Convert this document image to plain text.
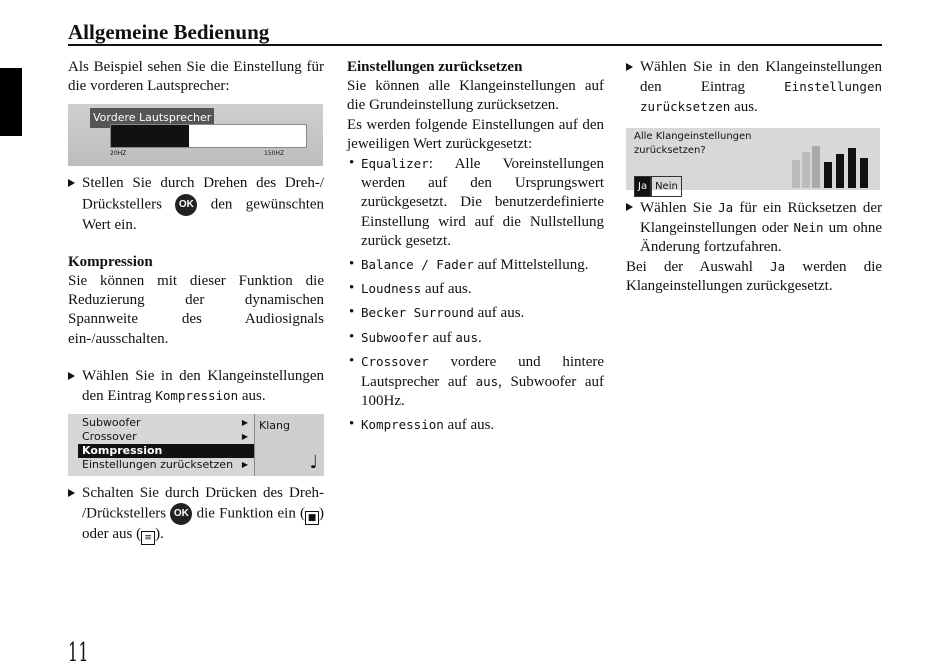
Allgemeine Bedienung

Als Beispiel sehen Sie die Einstellung für die vorderen Lautsprecher:

Vordere Lautsprecher
70Hz
20HZ	150HZ

Stellen Sie durch Drehen des Dreh-/ Drückstellers OK den gewünschten Wert ein.

Kompression

Sie können mit dieser Funktion die Reduzierung der dynamischen Spannweite des Audiosignals ein-/ausschalten.

Wählen Sie in den Klangeinstellungen den Eintrag Kompression aus.

Subwoofer	▶
Crossover	▶
Kompression
Einstellungen zurücksetzen ▶
Klang
♩

Schalten Sie durch Drücken des Dreh- /Drückstellers OK die Funktion ein ( ■ ) oder aus ( ≡ ).

Einstellungen zurücksetzen

Sie können alle Klangeinstellungen auf die Grundeinstellung zurücksetzen.

Es werden folgende Einstellungen auf den jeweiligen Wert zurückgesetzt:

• Equalizer: Alle Voreinstellungen werden auf den Ursprungswert zurückgesetzt. Die benutzerdefinierte Einstellung wird auf die Nullstellung zurück gesetzt.

• Balance / Fader auf Mittelstellung.

• Loudness auf aus.

• Becker Surround auf aus.

• Subwoofer auf aus.

• Crossover vordere und hintere Lautsprecher auf aus, Subwoofer auf 100Hz.

• Kompression auf aus.

Wählen Sie in den Klangeinstellungen den Eintrag	Einstellungen zurücksetzen aus.

Alle Klangeinstellungen
zurücksetzen?
Ja Nein

Wählen Sie Ja für ein Rücksetzen der Klangeinstellungen oder Nein um ohne Änderung fortzufahren.

Bei der Auswahl Ja werden die Klangeinstellungen zurückgesetzt.

11
